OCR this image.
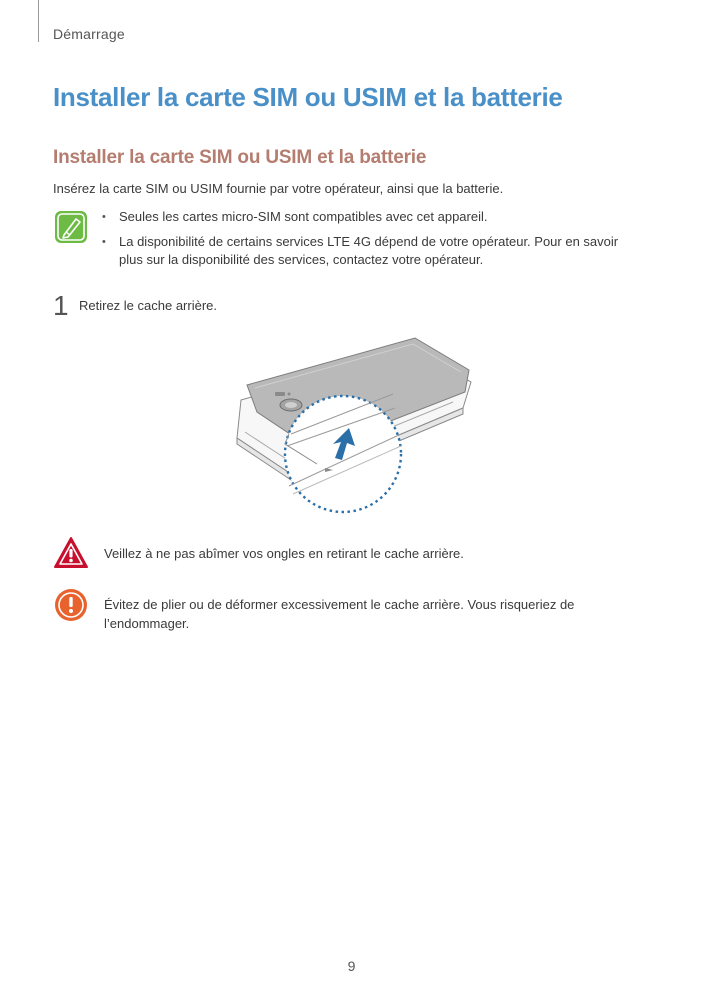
Démarrage
Installer la carte SIM ou USIM et la batterie
Installer la carte SIM ou USIM et la batterie
Insérez la carte SIM ou USIM fournie par votre opérateur, ainsi que la batterie.
• Seules les cartes micro-SIM sont compatibles avec cet appareil.
• La disponibilité de certains services LTE 4G dépend de votre opérateur. Pour en savoir plus sur la disponibilité des services, contactez votre opérateur.
1 Retirez le cache arrière.
Veillez à ne pas abîmer vos ongles en retirant le cache arrière.
Évitez de plier ou de déformer excessivement le cache arrière. Vous risqueriez de l’endommager.
9
